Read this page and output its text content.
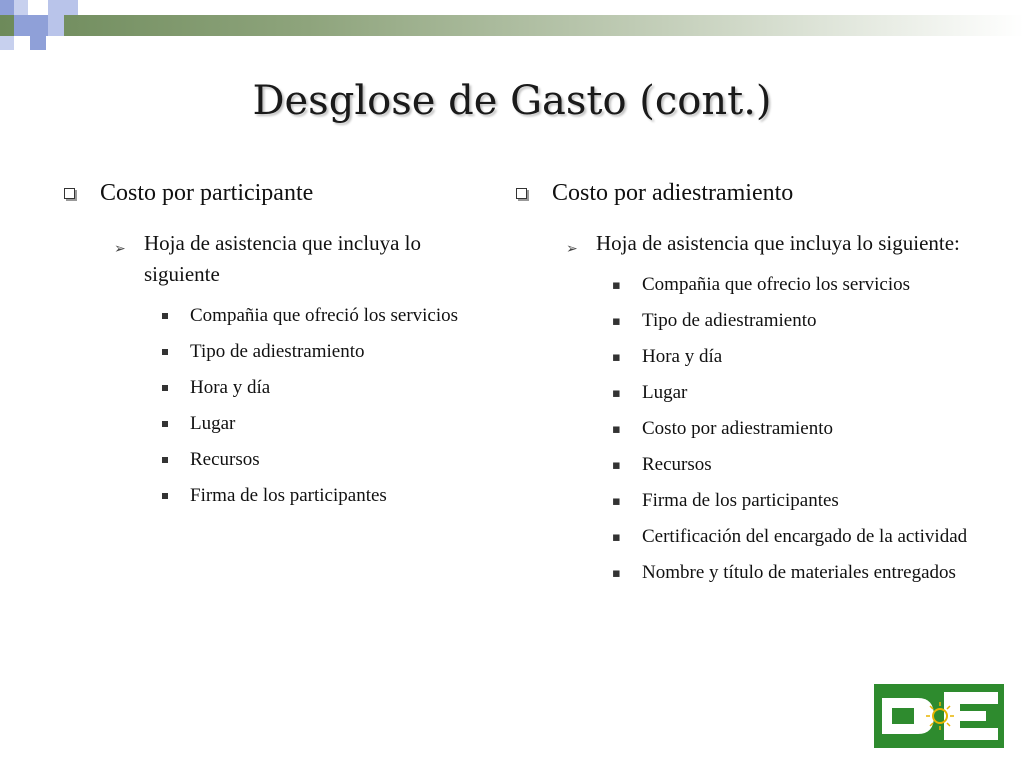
Desglose de Gasto (cont.)
Costo por participante
➢ Hoja de asistencia que incluya lo siguiente
Compañia que ofreció los servicios
Tipo de adiestramiento
Hora y día
Lugar
Recursos
Firma de los participantes
Costo por adiestramiento
➢ Hoja de asistencia que incluya lo siguiente:
▪ Compañia que ofrecio los servicios
▪ Tipo de adiestramiento
▪ Hora y día
▪ Lugar
▪ Costo por adiestramiento
▪ Recursos
▪ Firma de los participantes
▪ Certificación del encargado de la actividad
▪ Nombre y título de materiales entregados
